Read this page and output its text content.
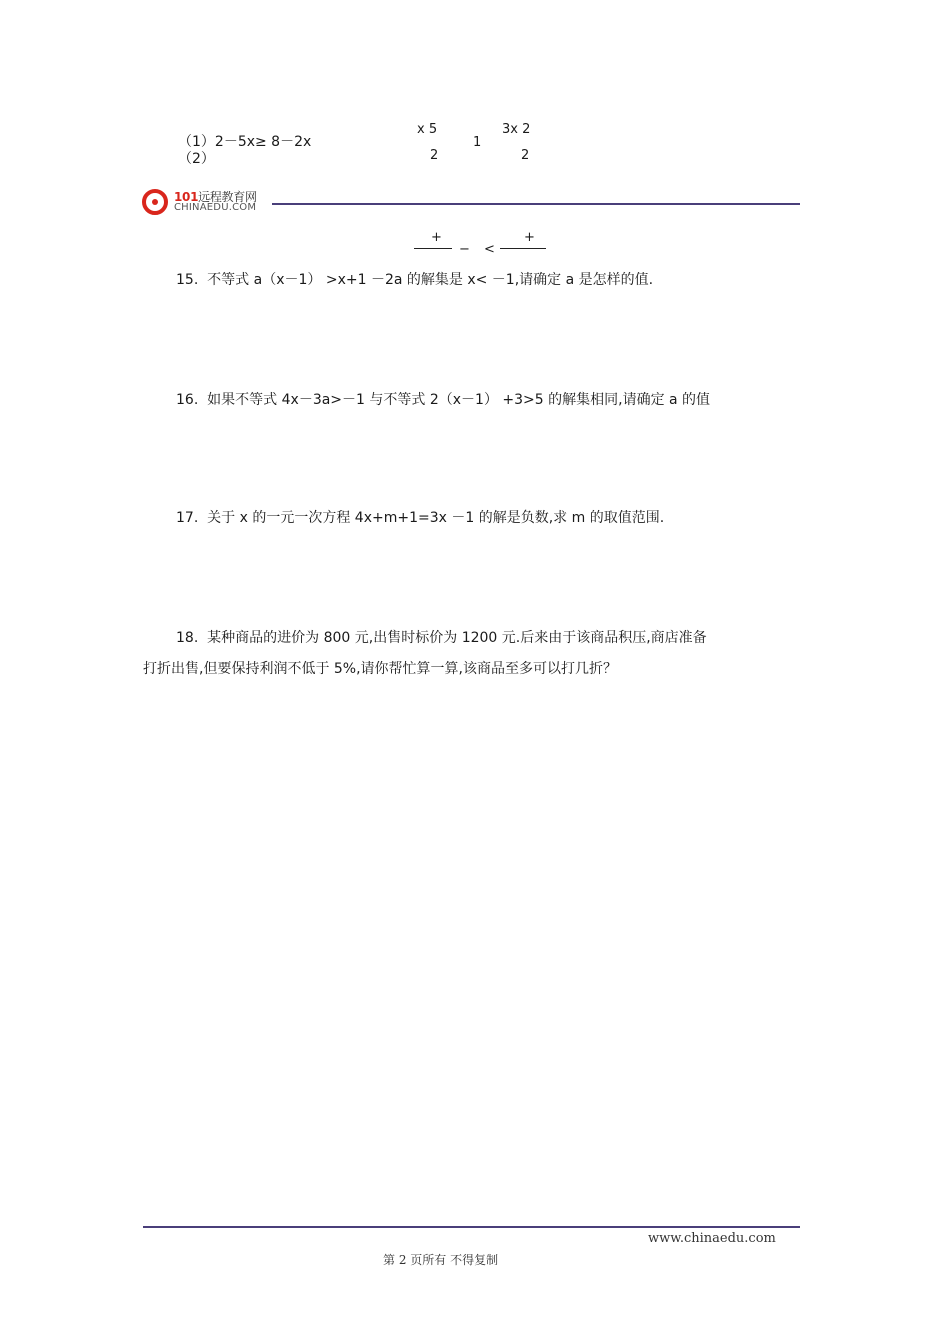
（1）2－5x≥ 8－2x
（2）
x 5
2
1
3x 2
2
101远程教育网
CHINAEDU.COM
+
− <
+
15. 不等式 a（x－1） >x+1 －2a 的解集是 x< －1,请确定 a 是怎样的值.
16. 如果不等式 4x－3a>－1 与不等式 2（x－1） +3>5 的解集相同,请确定 a 的值
17. 关于 x 的一元一次方程 4x+m+1=3x －1 的解是负数,求 m 的取值范围.
18. 某种商品的进价为 800 元,出售时标价为 1200 元.后来由于该商品积压,商店准备
打折出售,但要保持利润不低于 5%,请你帮忙算一算,该商品至多可以打几折？
www.chinaedu.com
第 2 页所有 不得复制
